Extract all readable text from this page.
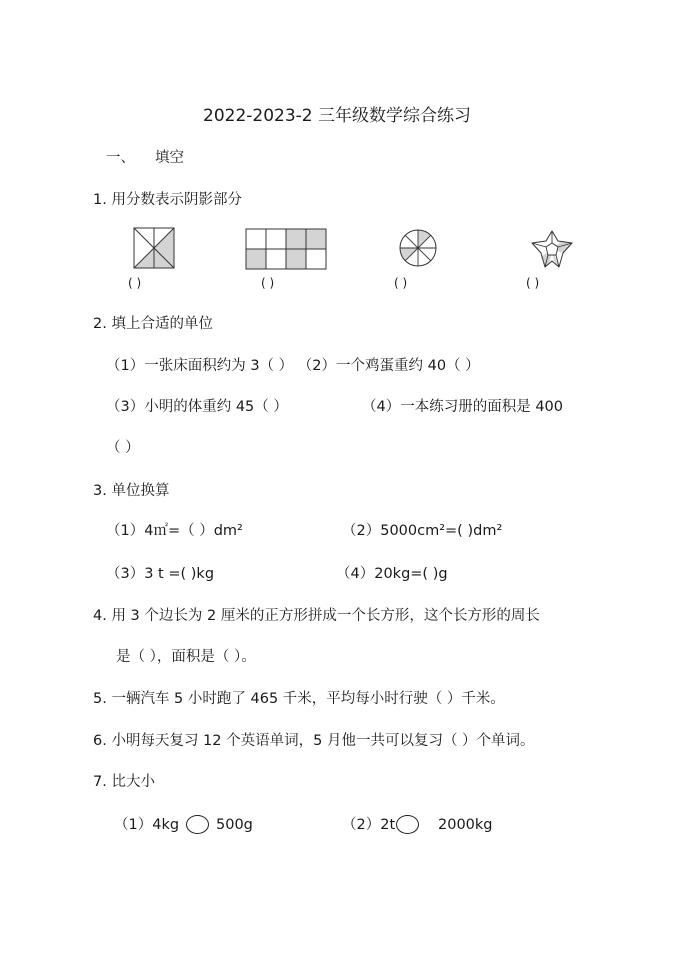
2022-2023-2 三年级数学综合练习
一、 填空
1. 用分数表示阴影部分
( )	( )	( )	( )
2. 填上合适的单位
（1）一张床面积约为 3（ ） （2）一个鸡蛋重约 40（ ）
（3）小明的体重约 45（ ）	（4）一本练习册的面积是 400
（ ）
3. 单位换算
（1）4㎡=（ ）dm²	（2）5000cm²=( )dm²
（3）3 t =( )kg	（4）20kg=( )g
4. 用 3 个边长为 2 厘米的正方形拼成一个长方形，这个长方形的周长
是（ ），面积是（ ）。
5. 一辆汽车 5 小时跑了 465 千米，平均每小时行驶（ ）千米。
6. 小明每天复习 12 个英语单词，5 月他一共可以复习（ ）个单词。
7. 比大小
（1）4kg	500g	（2）2t	2000kg
